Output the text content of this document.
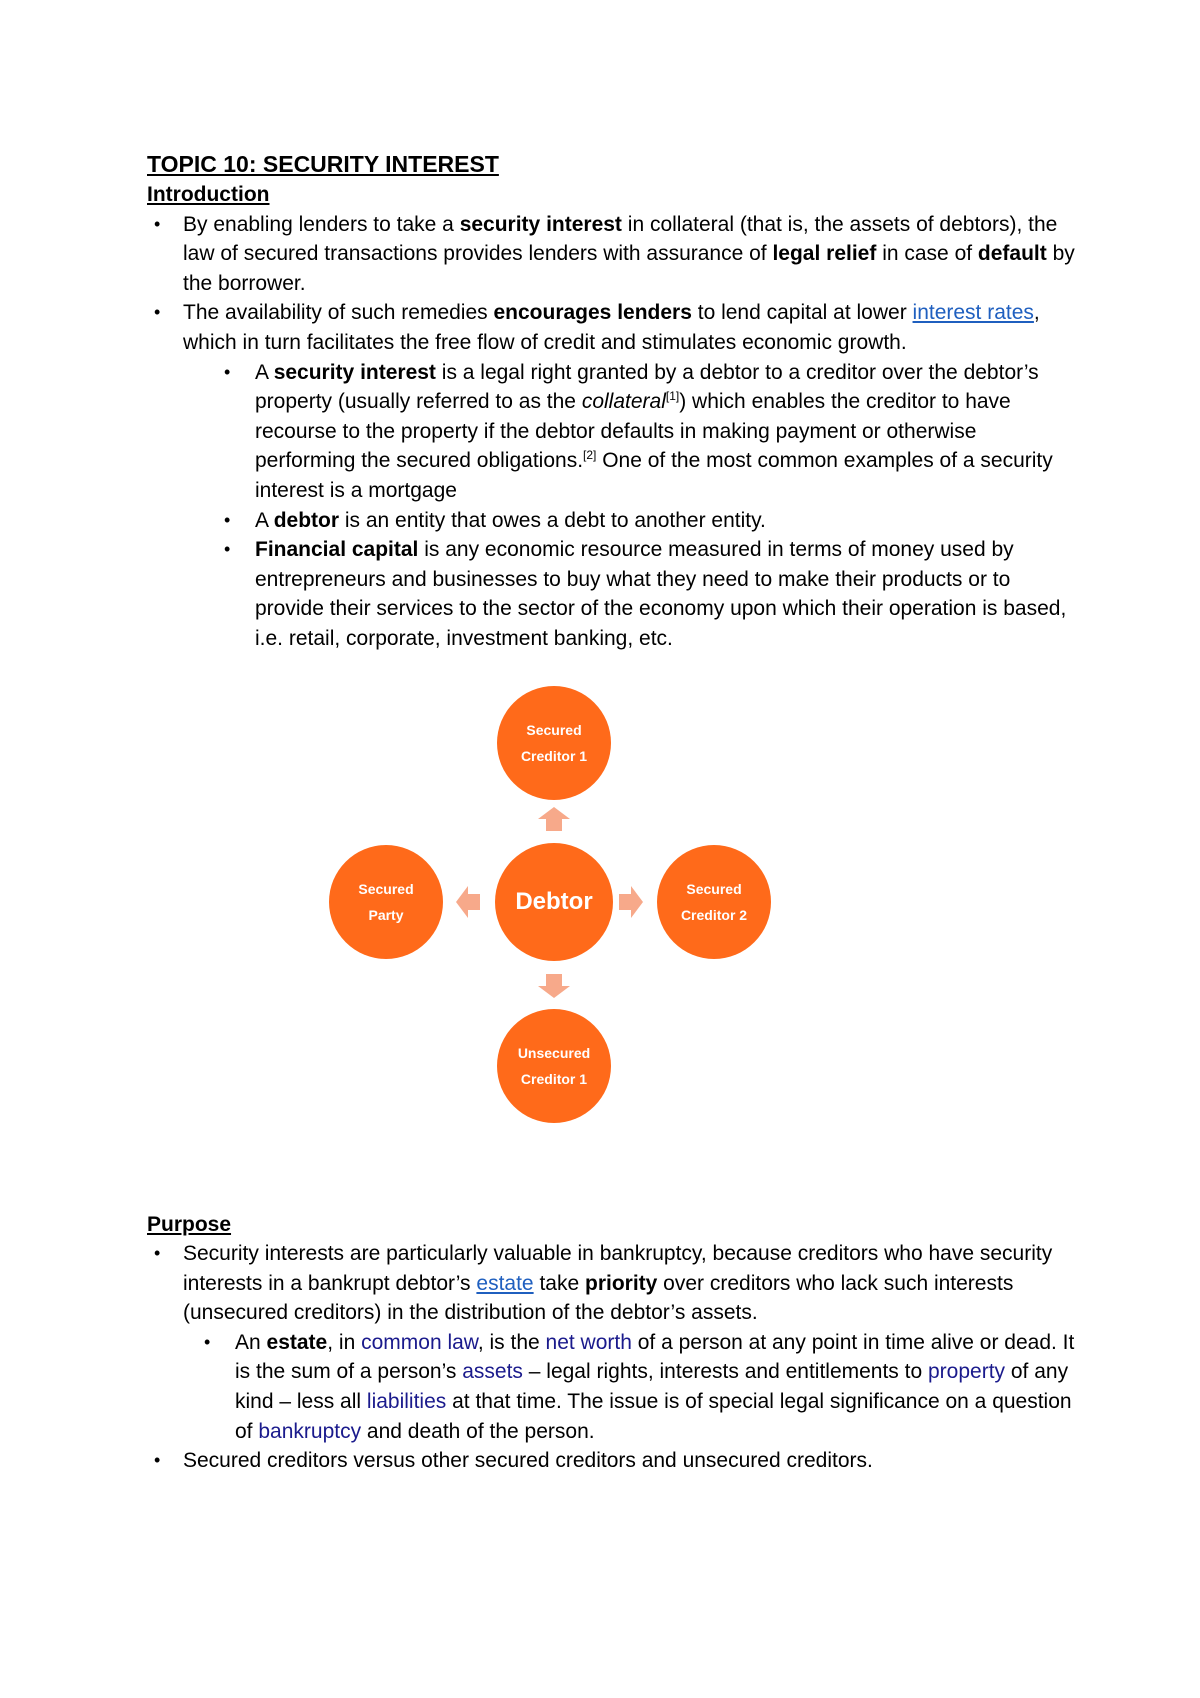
TOPIC 10: SECURITY INTEREST

Introduction

• By enabling lenders to take a security interest in collateral (that is, the assets of debtors), the law of secured transactions provides lenders with assurance of legal relief in case of default by the borrower.
• The availability of such remedies encourages lenders to lend capital at lower interest rates, which in turn facilitates the free flow of credit and stimulates economic growth.
• A security interest is a legal right granted by a debtor to a creditor over the debtor’s property (usually referred to as the collateral[1]) which enables the creditor to have recourse to the property if the debtor defaults in making payment or otherwise performing the secured obligations.[2] One of the most common examples of a security interest is a mortgage
• A debtor is an entity that owes a debt to another entity.
• Financial capital is any economic resource measured in terms of money used by entrepreneurs and businesses to buy what they need to make their products or to provide their services to the sector of the economy upon which their operation is based, i.e. retail, corporate, investment banking, etc.

Purpose

• Security interests are particularly valuable in bankruptcy, because creditors who have security interests in a bankrupt debtor’s estate take priority over creditors who lack such interests (unsecured creditors) in the distribution of the debtor’s assets.
• An estate, in common law, is the net worth of a person at any point in time alive or dead. It is the sum of a person’s assets – legal rights, interests and entitlements to property of any kind – less all liabilities at that time. The issue is of special legal significance on a question of bankruptcy and death of the person.
• Secured creditors versus other secured creditors and unsecured creditors.
Debtor
Secured
Creditor 1
Secured
Creditor 2
Unsecured
Creditor 1
Secured
Party
